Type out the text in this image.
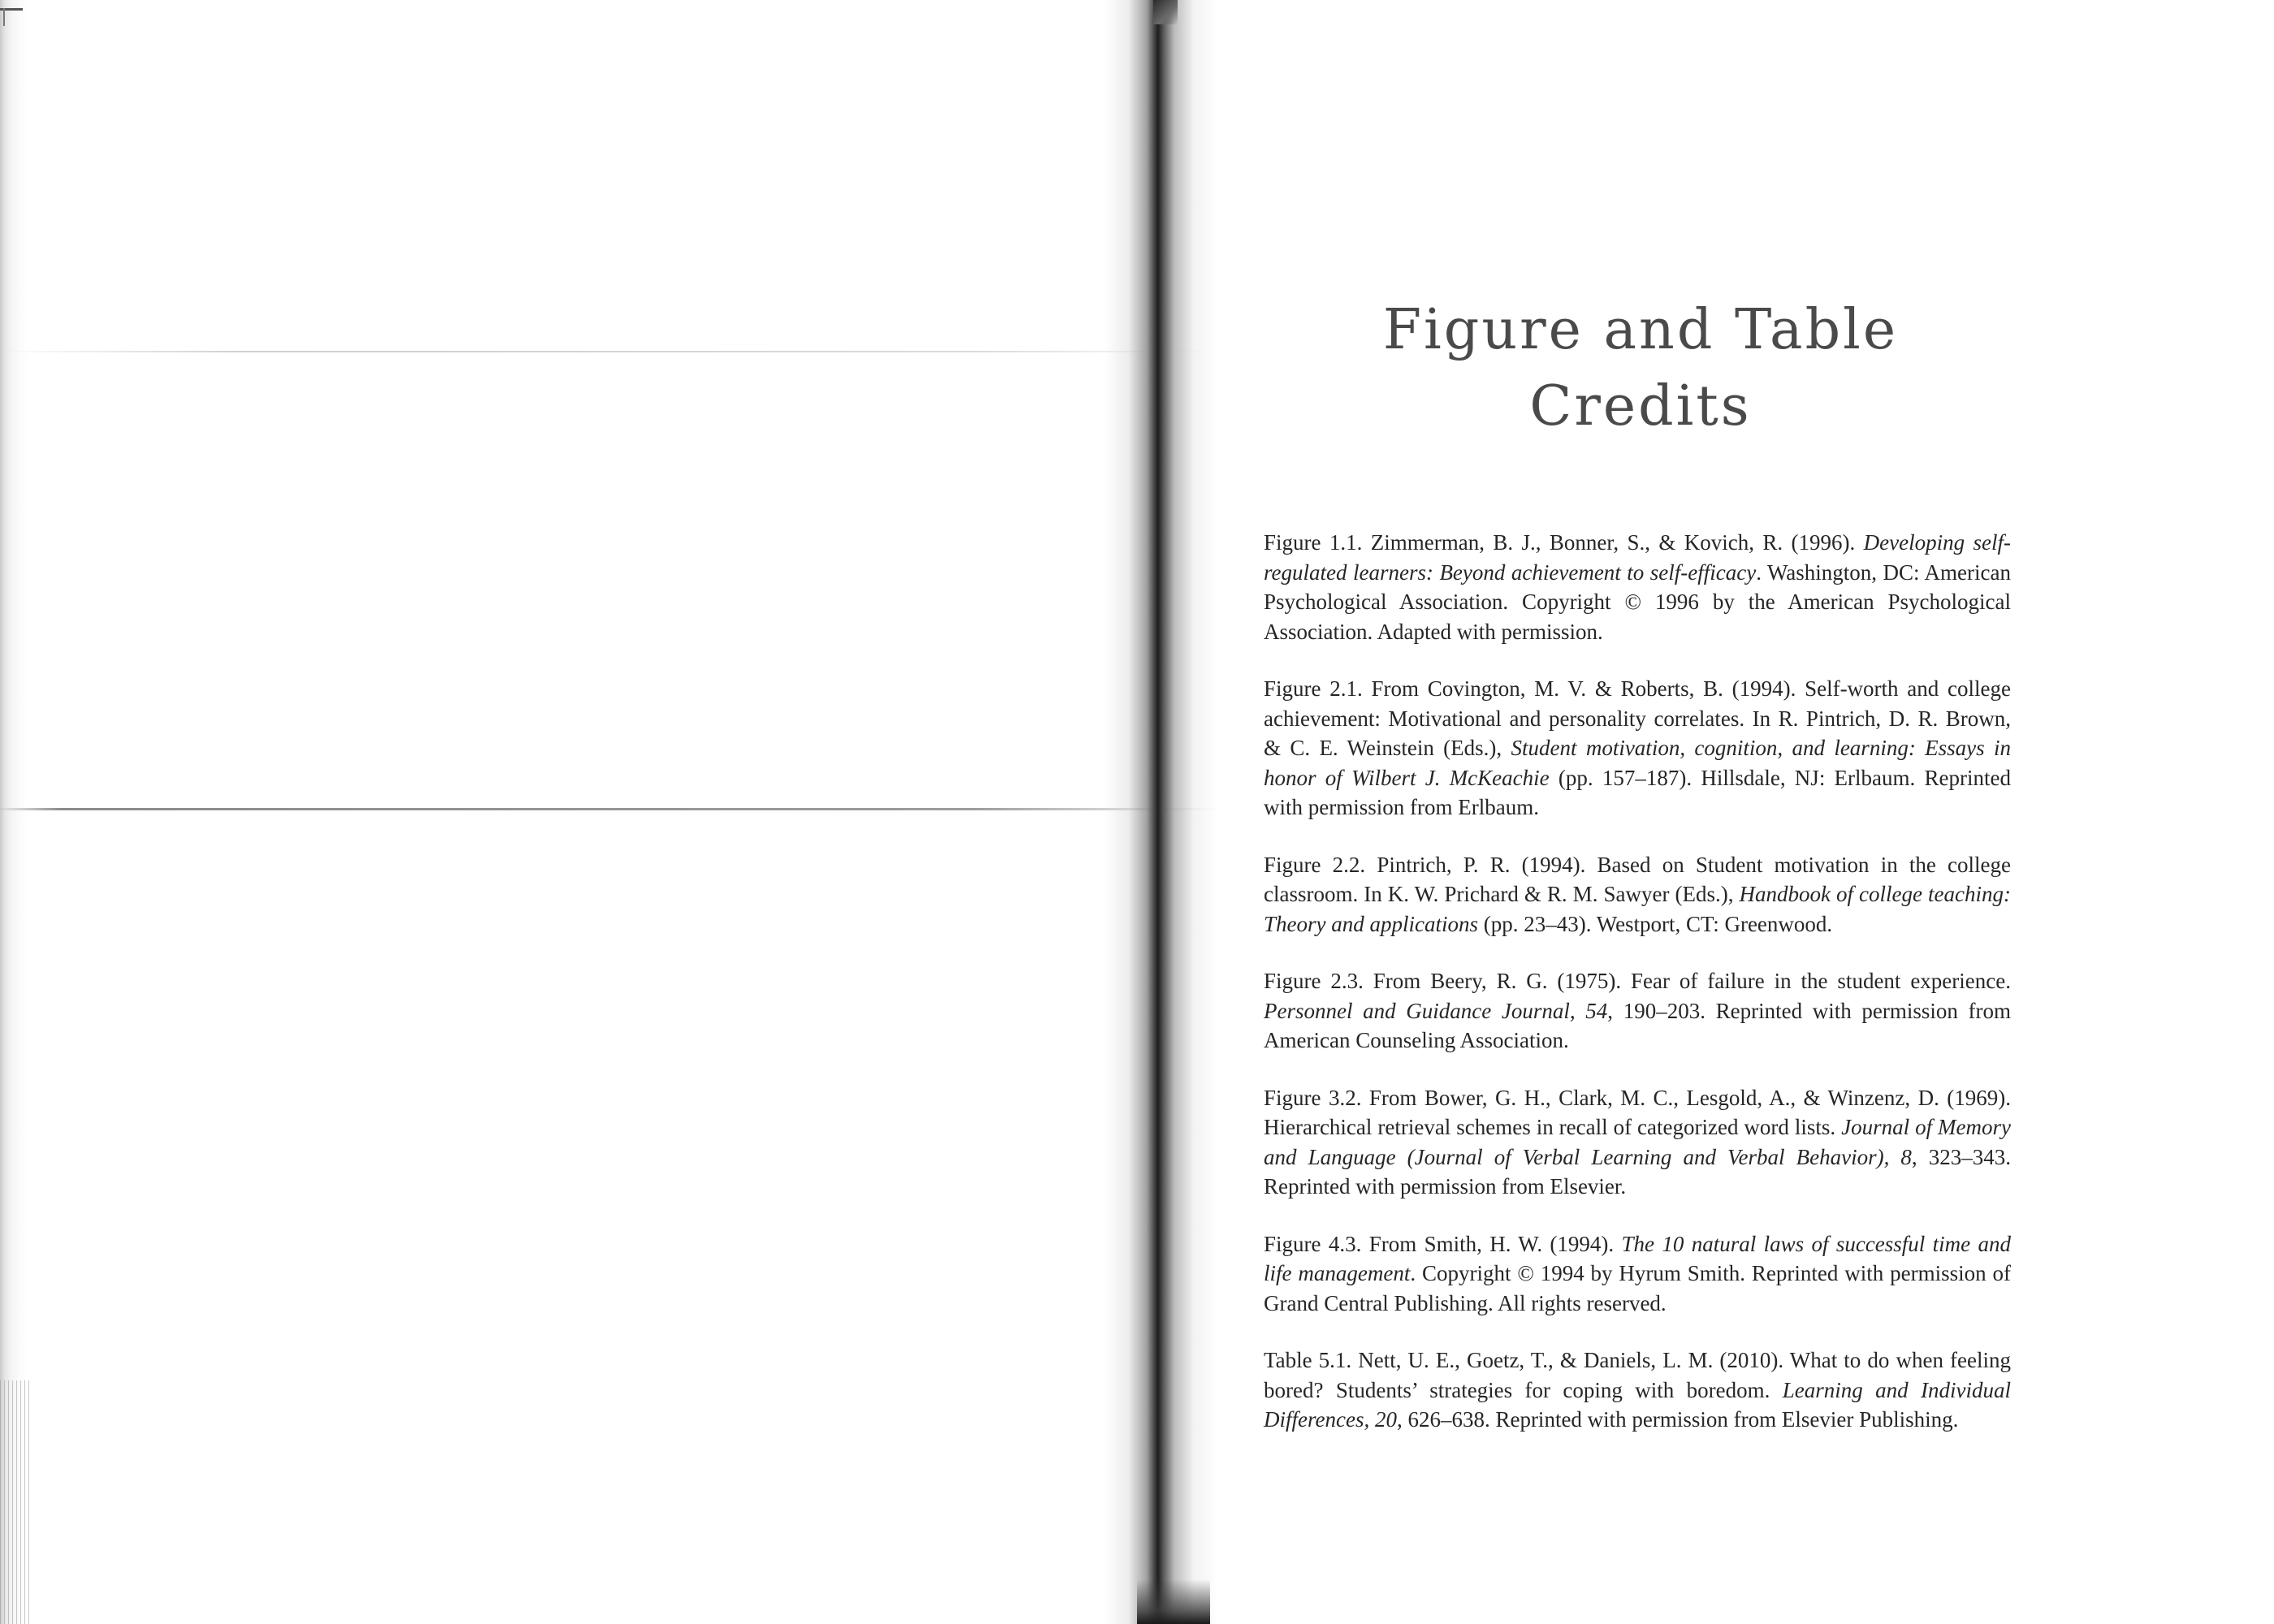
Figure and Table
Credits
Figure 1.1. Zimmerman, B. J., Bonner, S., & Kovich, R. (1996). Developing self-regulated learners: Beyond achievement to self-efficacy. Washington, DC: American Psychological Association. Copyright © 1996 by the American Psychological Association. Adapted with permission.
Figure 2.1. From Covington, M. V. & Roberts, B. (1994). Self-worth and college achievement: Motivational and personality correlates. In R. Pintrich, D. R. Brown, & C. E. Weinstein (Eds.), Student motivation, cognition, and learning: Essays in honor of Wilbert J. McKeachie (pp. 157–187). Hillsdale, NJ: Erlbaum. Reprinted with permission from Erlbaum.
Figure 2.2. Pintrich, P. R. (1994). Based on Student motivation in the college classroom. In K. W. Prichard & R. M. Sawyer (Eds.), Handbook of college teaching: Theory and applications (pp. 23–43). Westport, CT: Greenwood.
Figure 2.3. From Beery, R. G. (1975). Fear of failure in the student experience. Personnel and Guidance Journal, 54, 190–203. Reprinted with permission from American Counseling Association.
Figure 3.2. From Bower, G. H., Clark, M. C., Lesgold, A., & Winzenz, D. (1969). Hierarchical retrieval schemes in recall of categorized word lists. Journal of Memory and Language (Journal of Verbal Learning and Verbal Behavior), 8, 323–343. Reprinted with permission from Elsevier.
Figure 4.3. From Smith, H. W. (1994). The 10 natural laws of successful time and life management. Copyright © 1994 by Hyrum Smith. Reprinted with permission of Grand Central Publishing. All rights reserved.
Table 5.1. Nett, U. E., Goetz, T., & Daniels, L. M. (2010). What to do when feeling bored? Students’ strategies for coping with boredom. Learning and Individual Differences, 20, 626–638. Reprinted with permission from Elsevier Publishing.
